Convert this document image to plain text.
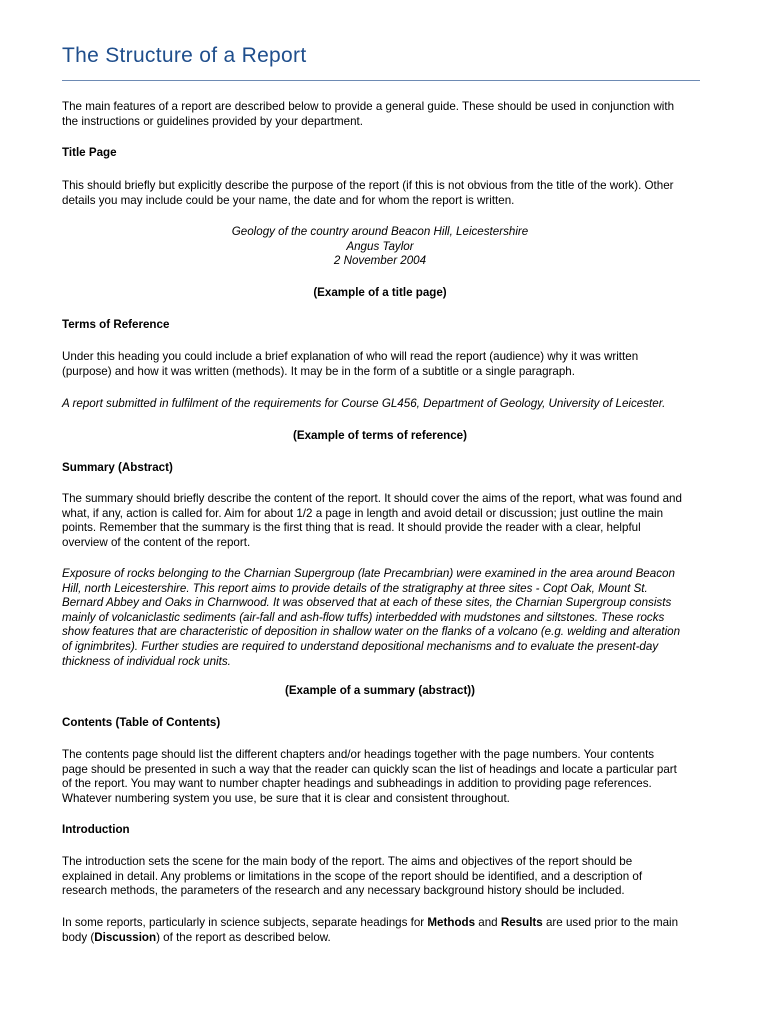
The Structure of a Report
The main features of a report are described below to provide a general guide. These should be used in conjunction with
the instructions or guidelines provided by your department.
Title Page
This should briefly but explicitly describe the purpose of the report (if this is not obvious from the title of the work). Other
details you may include could be your name, the date and for whom the report is written.
Geology of the country around Beacon Hill, Leicestershire
Angus Taylor
2 November 2004
(Example of a title page)
Terms of Reference
Under this heading you could include a brief explanation of who will read the report (audience) why it was written
(purpose) and how it was written (methods). It may be in the form of a subtitle or a single paragraph.
A report submitted in fulfilment of the requirements for Course GL456, Department of Geology, University of Leicester.
(Example of terms of reference)
Summary (Abstract)
The summary should briefly describe the content of the report. It should cover the aims of the report, what was found and
what, if any, action is called for. Aim for about 1/2 a page in length and avoid detail or discussion; just outline the main
points. Remember that the summary is the first thing that is read. It should provide the reader with a clear, helpful
overview of the content of the report.
Exposure of rocks belonging to the Charnian Supergroup (late Precambrian) were examined in the area around Beacon
Hill, north Leicestershire. This report aims to provide details of the stratigraphy at three sites - Copt Oak, Mount St.
Bernard Abbey and Oaks in Charnwood. It was observed that at each of these sites, the Charnian Supergroup consists
mainly of volcaniclastic sediments (air-fall and ash-flow tuffs) interbedded with mudstones and siltstones. These rocks
show features that are characteristic of deposition in shallow water on the flanks of a volcano (e.g. welding and alteration
of ignimbrites). Further studies are required to understand depositional mechanisms and to evaluate the present-day
thickness of individual rock units.
(Example of a summary (abstract))
Contents (Table of Contents)
The contents page should list the different chapters and/or headings together with the page numbers. Your contents
page should be presented in such a way that the reader can quickly scan the list of headings and locate a particular part
of the report. You may want to number chapter headings and subheadings in addition to providing page references.
Whatever numbering system you use, be sure that it is clear and consistent throughout.
Introduction
The introduction sets the scene for the main body of the report. The aims and objectives of the report should be
explained in detail. Any problems or limitations in the scope of the report should be identified, and a description of
research methods, the parameters of the research and any necessary background history should be included.
In some reports, particularly in science subjects, separate headings for Methods and Results are used prior to the main
body (Discussion) of the report as described below.
